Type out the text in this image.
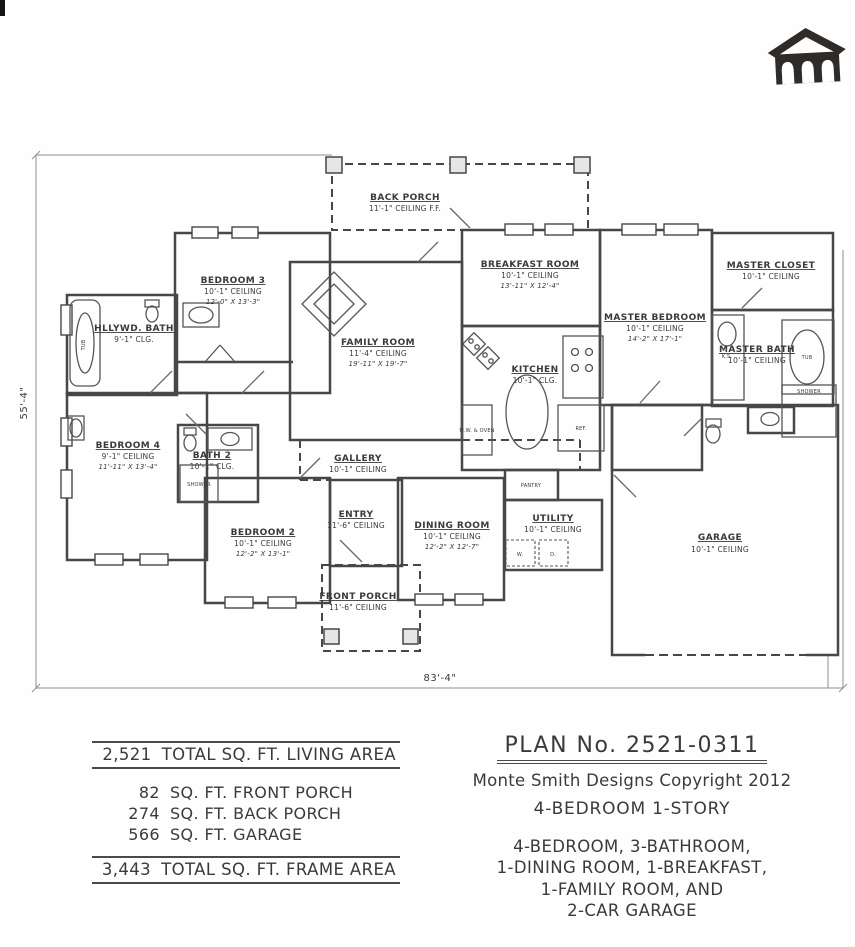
BACK PORCH
11'-1" CEILING F.F.
BREAKFAST ROOM
10'-1" CEILING
13'-11" X 12'-4"
MASTER BEDROOM
10'-1" CEILING
14'-2" X 17'-1"
MASTER CLOSET
10'-1" CEILING
MASTER BATH
10'-1" CEILING
BEDROOM 3
10'-1" CEILING
12'-0" X 13'-3"
FAMILY ROOM
11'-4" CEILING
19'-11" X 19'-7"
HLLYWD. BATH
9'-1" CLG.
BEDROOM 4
9'-1" CEILING
11'-11" X 13'-4"
BATH 2
10'-1" CLG.
GALLERY
10'-1" CEILING
ENTRY
11'-6" CEILING
BEDROOM 2
10'-1" CEILING
12'-2" X 13'-1"
DINING ROOM
10'-1" CEILING
12'-2" X 12'-7"
KITCHEN
10'-1" CLG.
UTILITY
10'-1" CEILING
GARAGE
10'-1" CEILING
FRONT PORCH
11'-6" CEILING
TUB
TUB
SHOWER
SHOWER	PANTRY
W.	D.
M.W. & OVEN	REF.
K.S.
83'-4"
55'-4"
2,521 TOTAL SQ. FT. LIVING AREA
82 SQ. FT. FRONT PORCH
274 SQ. FT. BACK PORCH
566 SQ. FT. GARAGE
3,443 TOTAL SQ. FT. FRAME AREA
PLAN No. 2521-0311
Monte Smith Designs Copyright 2012
4-BEDROOM 1-STORY
4-BEDROOM, 3-BATHROOM,
1-DINING ROOM, 1-BREAKFAST,
1-FAMILY ROOM, AND
2-CAR GARAGE
